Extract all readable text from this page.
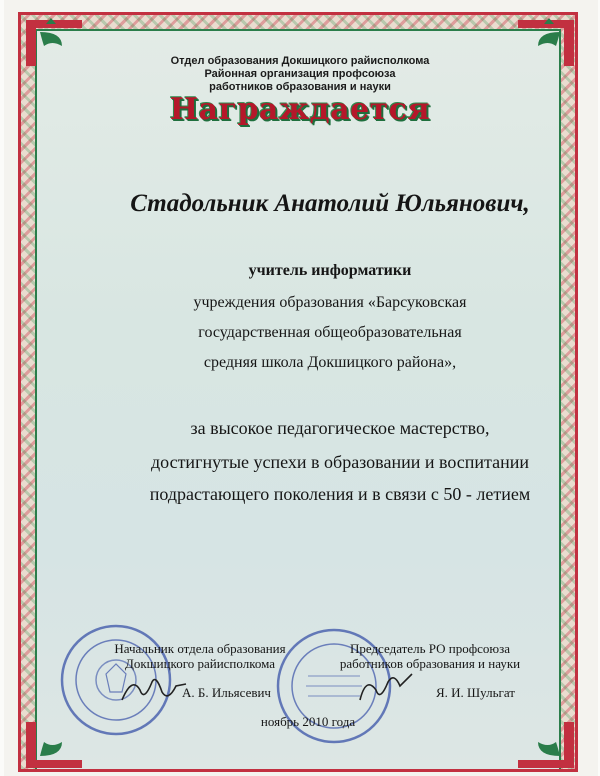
Отдел образования Докшицкого райисполкома
Районная организация профсоюза
работников образования и науки
Награждается
Стадольник Анатолий Юльянович,
учитель информатики
учреждения образования «Барсуковская
государственная общеобразовательная
средняя школа Докшицкого района»,
за высокое педагогическое мастерство,
достигнутые успехи в образовании и воспитании
подрастающего поколения и в связи с 50 - летием
Начальник отдела образования
Докшицкого райисполкома
А. Б. Ильясевич
Председатель РО профсоюза
работников образования и науки
Я. И. Шульгат
ноябрь 2010 года
